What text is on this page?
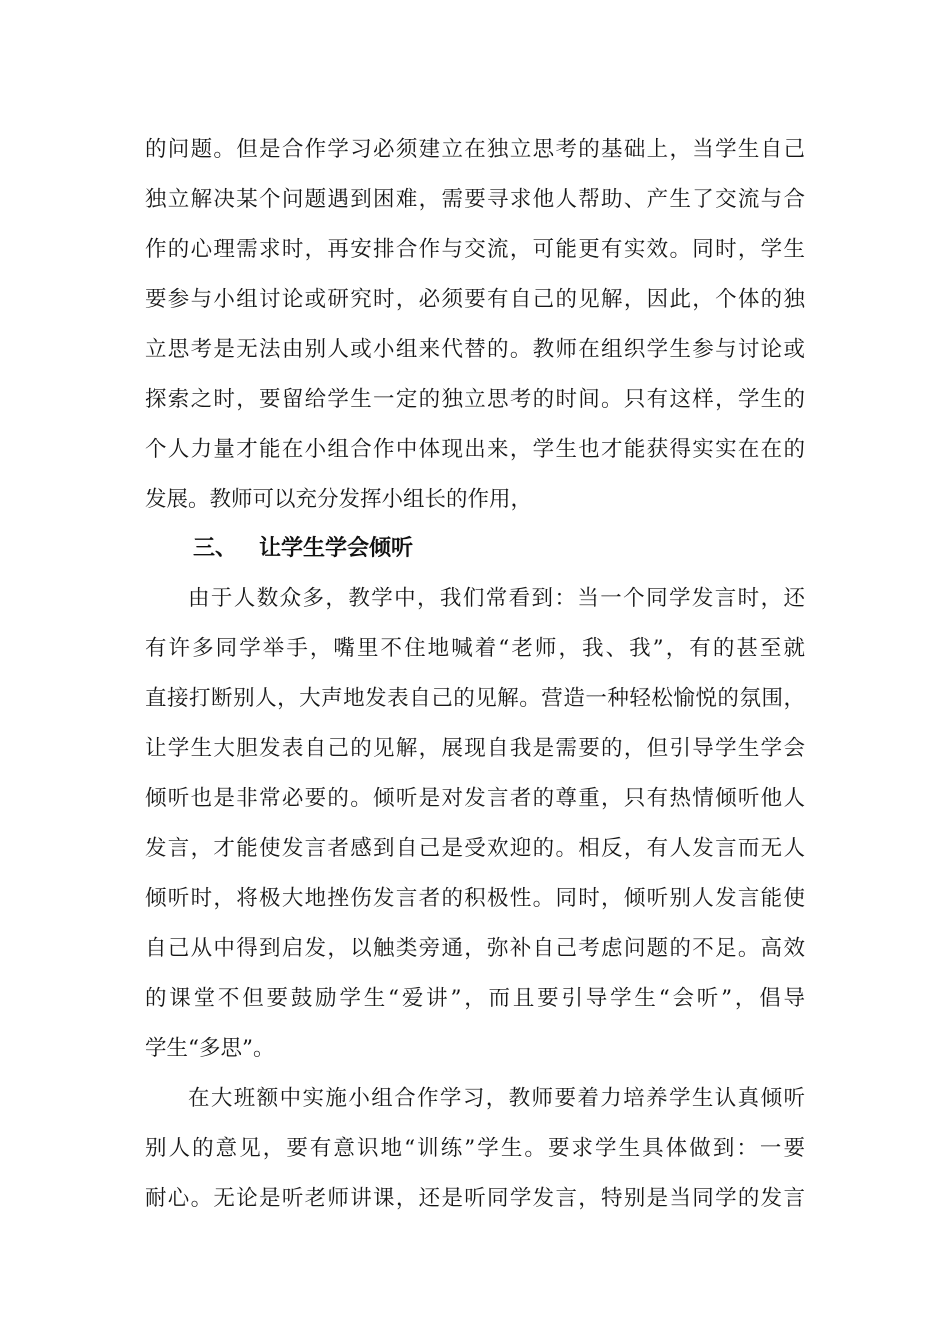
的问题。但是合作学习必须建立在独立思考的基础上，当学生自己
独立解决某个问题遇到困难，需要寻求他人帮助、产生了交流与合
作的心理需求时，再安排合作与交流，可能更有实效。同时，学生
要参与小组讨论或研究时，必须要有自己的见解，因此，个体的独
立思考是无法由别人或小组来代替的。教师在组织学生参与讨论或
探索之时，要留给学生一定的独立思考的时间。只有这样，学生的
个人力量才能在小组合作中体现出来，学生也才能获得实实在在的
发展。教师可以充分发挥小组长的作用，
三、 让学生学会倾听
由于人数众多，教学中，我们常看到：当一个同学发言时，还
有许多同学举手，嘴里不住地喊着“老师，我、我”，有的甚至就
直接打断别人，大声地发表自己的见解。营造一种轻松愉悦的氛围，
让学生大胆发表自己的见解，展现自我是需要的，但引导学生学会
倾听也是非常必要的。倾听是对发言者的尊重，只有热情倾听他人
发言，才能使发言者感到自己是受欢迎的。相反，有人发言而无人
倾听时，将极大地挫伤发言者的积极性。同时，倾听别人发言能使
自己从中得到启发，以触类旁通，弥补自己考虑问题的不足。高效
的课堂不但要鼓励学生“爱讲”，而且要引导学生“会听”，倡导
学生“多思”。
在大班额中实施小组合作学习，教师要着力培养学生认真倾听
别人的意见，要有意识地“训练”学生。要求学生具体做到：一要
耐心。无论是听老师讲课，还是听同学发言，特别是当同学的发言
